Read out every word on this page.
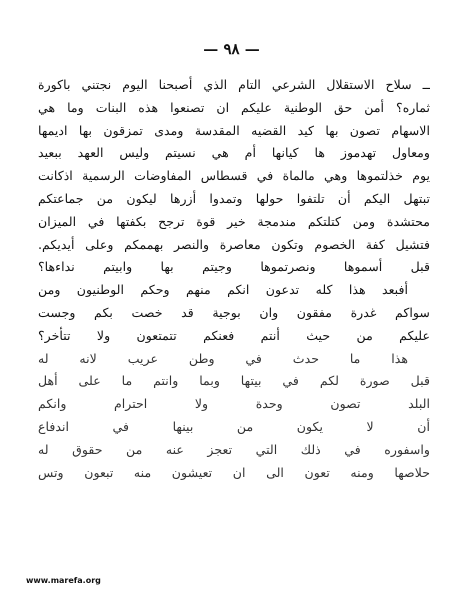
— ٩٨ —
ــ سلاح الاستقلال الشرعي التام الذي أصبحنا اليوم نجتني باكورة
ثماره؟ أمن حق الوطنية عليكم ان تصنعوا هذه البنات وما هي
الاسهام تصون بها كيد القضيه المقدسة ومدى تمزقون بها اديمها
ومعاول تهدموز ها كيانها أم هي نسيتم وليس العهد ببعيد
يوم خذلتموها وهي مالماة في قسطاس المفاوضات الرسمية اذكانت
تبتهل اليكم أن تلتفوا حولها وتمدوا أزرها ليكون من جماعتكم
محتشدة ومن كتلتكم مندمجة خير قوة ترجح بكفتها في الميزان
فتشيل كفة الخصوم وتكون معاصرة والنصر بهممكم وعلى أيديكم.
قبل أسموها ونصرتموها وجيتم بها وابيتم نداءها؟
أفبعد هذا كله تدعون انكم منهم وحكم الوطنيون ومن
سواكم غدرة مفقون وان بوجية قد خصت بكم وجست
عليكم من حيث أنتم فعنكم تتمتعون ولا تتأخر؟
هذا ما حدث في وطن عريب لانه له
قبل صورة لكم في بيتها وبما وانتم ما على أهل
البلد تصون وحدة ولا احترام وانكم
أن لا يكون من بينها في اندفاع
واسفوره في ذلك التي تعجز عنه من حقوق له
حلاصها ومنه تعون الى ان تعيشون منه تبعون وتس
www.marefa.org
